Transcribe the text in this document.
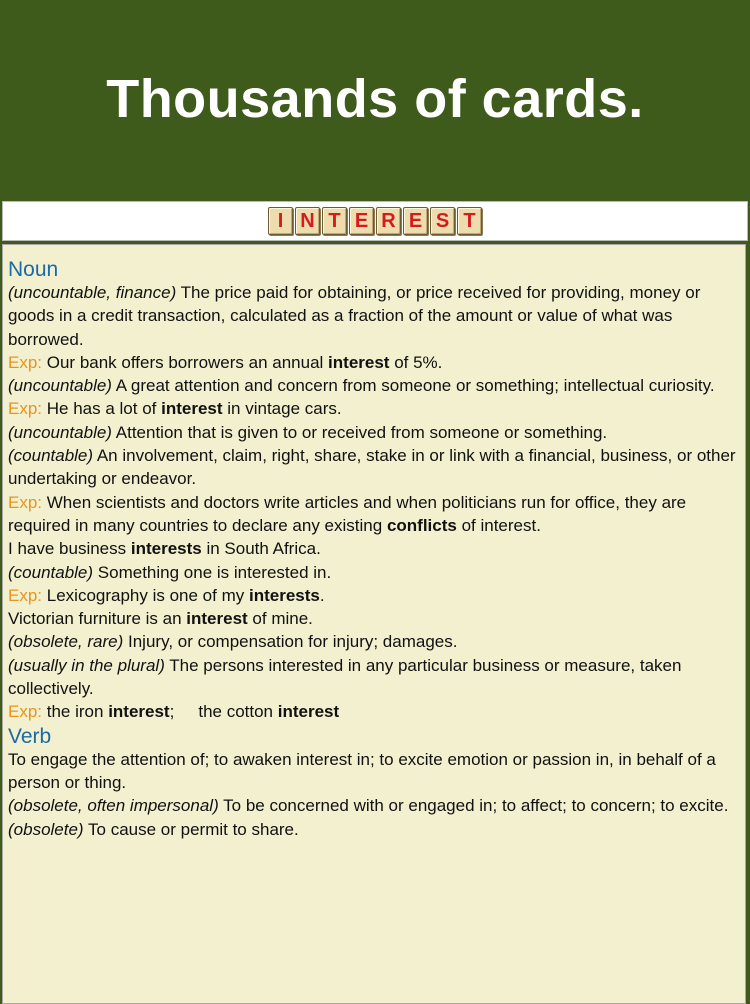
Thousands of cards.
I N T E R E S T
Noun

(uncountable, finance) The price paid for obtaining, or price received for providing, money or goods in a credit transaction, calculated as a fraction of the amount or value of what was borrowed.

Exp: Our bank offers borrowers an annual interest of 5%.

(uncountable) A great attention and concern from someone or something; intellectual curiosity.

Exp: He has a lot of interest in vintage cars.

(uncountable) Attention that is given to or received from someone or something.

(countable) An involvement, claim, right, share, stake in or link with a financial, business, or other undertaking or endeavor.

Exp: When scientists and doctors write articles and when politicians run for office, they are required in many countries to declare any existing conflicts of interest.

I have business interests in South Africa.

(countable) Something one is interested in.

Exp: Lexicography is one of my interests.

Victorian furniture is an interest of mine.

(obsolete, rare) Injury, or compensation for injury; damages.

(usually in the plural) The persons interested in any particular business or measure, taken collectively.

Exp: the iron interest; the cotton interest

Verb

To engage the attention of; to awaken interest in; to excite emotion or passion in, in behalf of a person or thing.

(obsolete, often impersonal) To be concerned with or engaged in; to affect; to concern; to excite.

(obsolete) To cause or permit to share.
